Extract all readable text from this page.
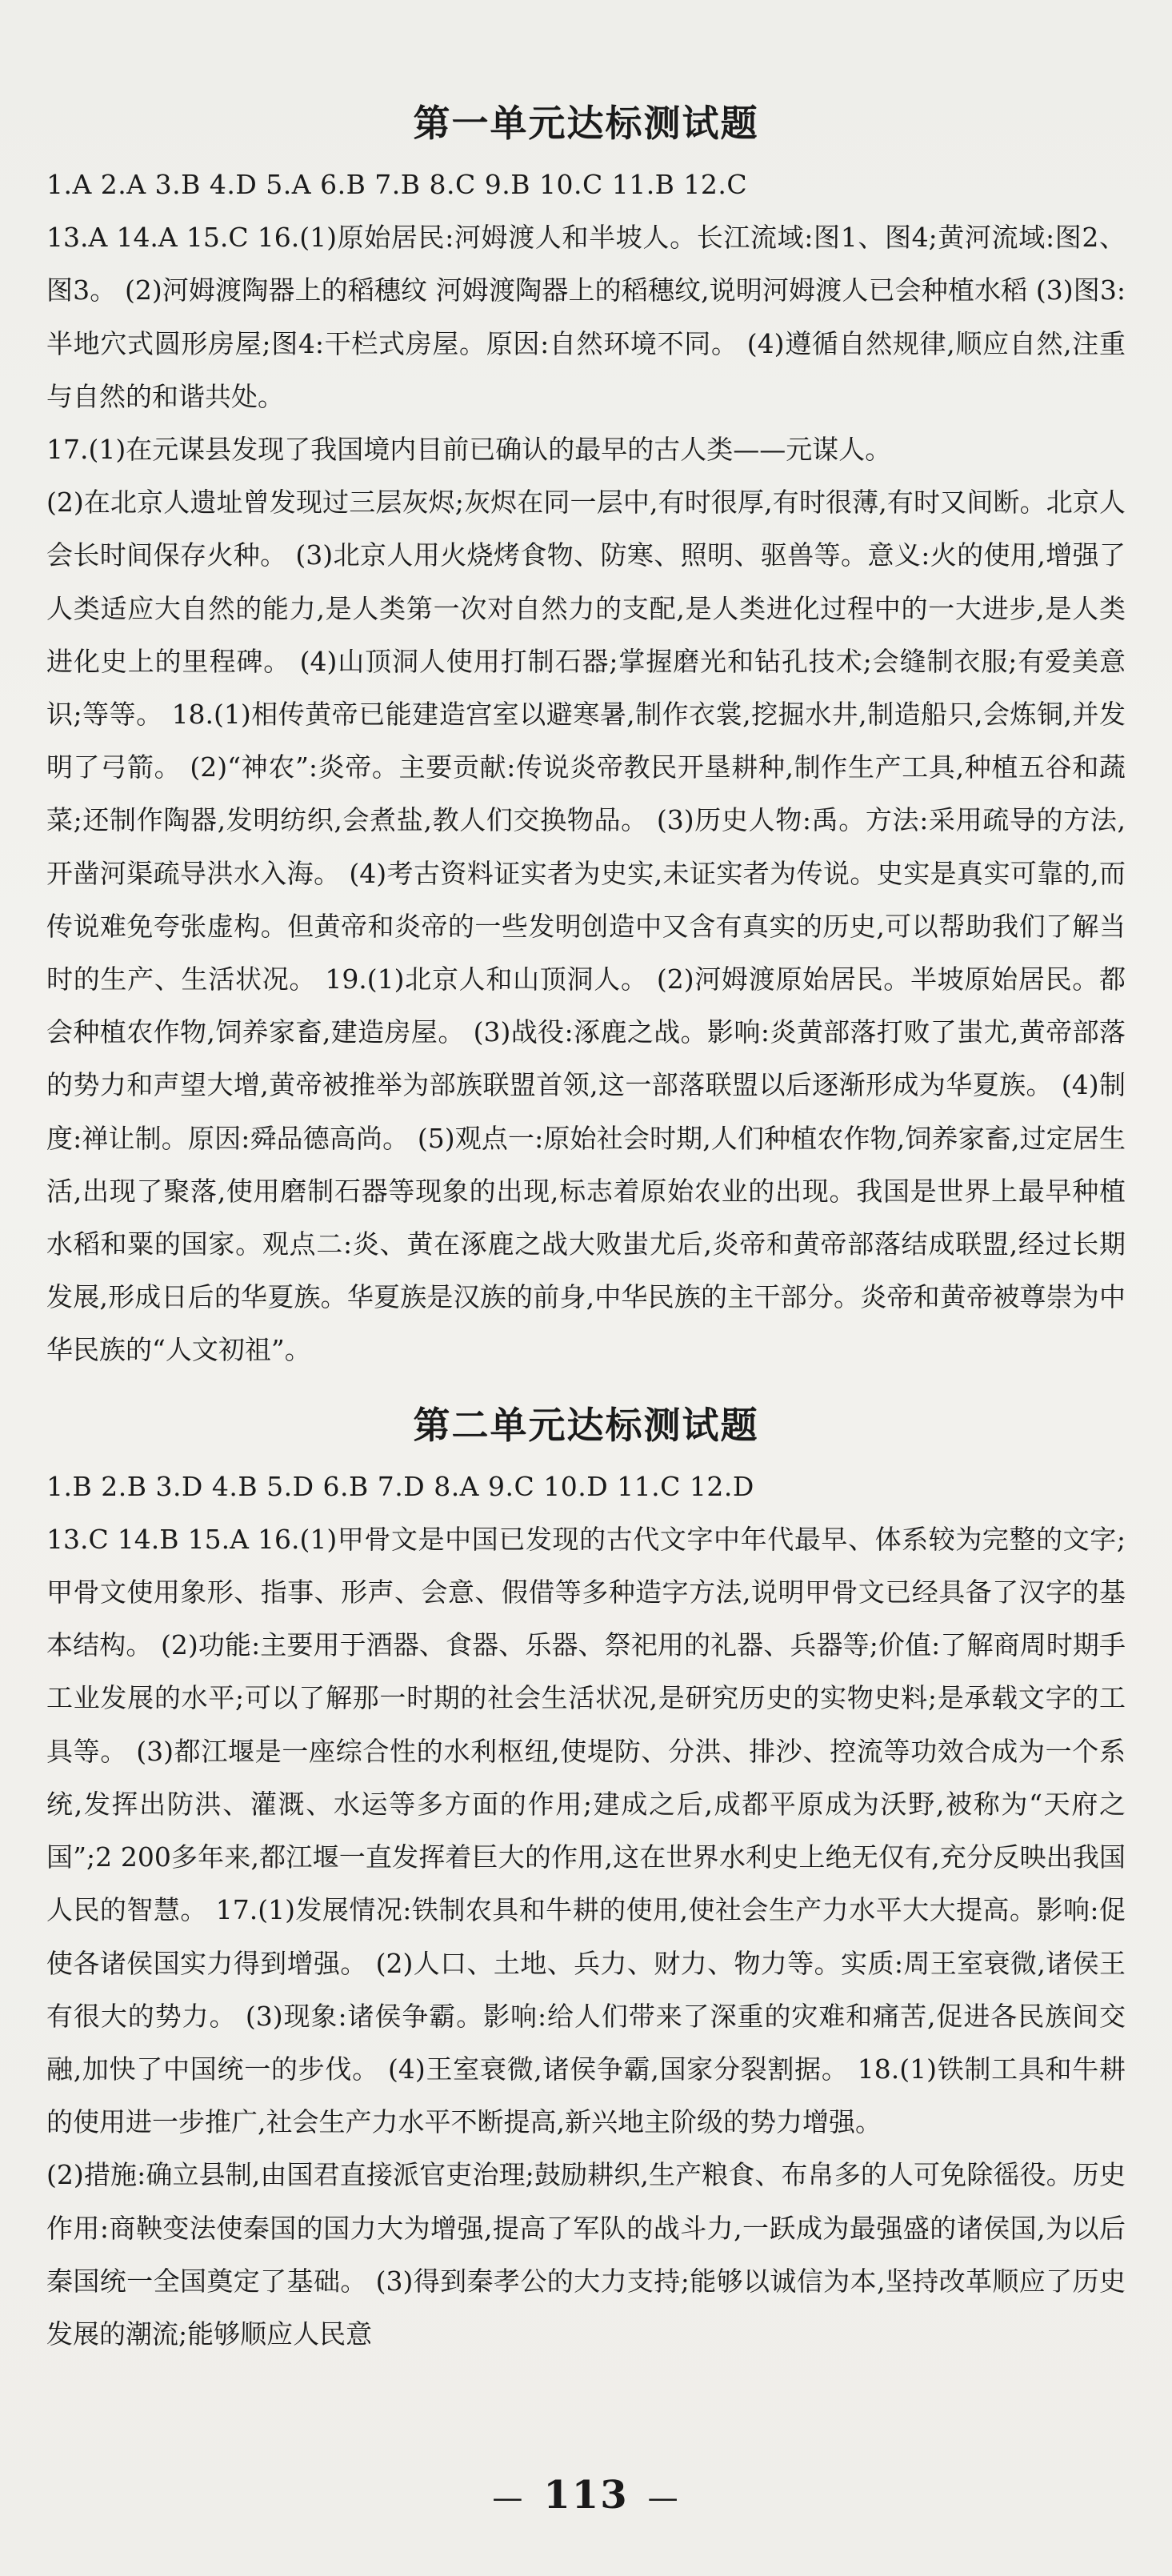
第一单元达标测试题
1.A 2.A 3.B 4.D 5.A 6.B 7.B 8.C 9.B 10.C 11.B 12.C
13.A 14.A 15.C 16.(1)原始居民:河姆渡人和半坡人。长江流域:图1、图4;黄河流域:图2、图3。 (2)河姆渡陶器上的稻穗纹 河姆渡陶器上的稻穗纹,说明河姆渡人已会种植水稻 (3)图3:半地穴式圆形房屋;图4:干栏式房屋。原因:自然环境不同。 (4)遵循自然规律,顺应自然,注重与自然的和谐共处。
17.(1)在元谋县发现了我国境内目前已确认的最早的古人类——元谋人。
(2)在北京人遗址曾发现过三层灰烬;灰烬在同一层中,有时很厚,有时很薄,有时又间断。北京人会长时间保存火种。 (3)北京人用火烧烤食物、防寒、照明、驱兽等。意义:火的使用,增强了人类适应大自然的能力,是人类第一次对自然力的支配,是人类进化过程中的一大进步,是人类进化史上的里程碑。 (4)山顶洞人使用打制石器;掌握磨光和钻孔技术;会缝制衣服;有爱美意识;等等。 18.(1)相传黄帝已能建造宫室以避寒暑,制作衣裳,挖掘水井,制造船只,会炼铜,并发明了弓箭。 (2)“神农”:炎帝。主要贡献:传说炎帝教民开垦耕种,制作生产工具,种植五谷和蔬菜;还制作陶器,发明纺织,会煮盐,教人们交换物品。 (3)历史人物:禹。方法:采用疏导的方法,开凿河渠疏导洪水入海。 (4)考古资料证实者为史实,未证实者为传说。史实是真实可靠的,而传说难免夸张虚构。但黄帝和炎帝的一些发明创造中又含有真实的历史,可以帮助我们了解当时的生产、生活状况。 19.(1)北京人和山顶洞人。 (2)河姆渡原始居民。半坡原始居民。都会种植农作物,饲养家畜,建造房屋。 (3)战役:涿鹿之战。影响:炎黄部落打败了蚩尤,黄帝部落的势力和声望大增,黄帝被推举为部族联盟首领,这一部落联盟以后逐渐形成为华夏族。 (4)制度:禅让制。原因:舜品德高尚。 (5)观点一:原始社会时期,人们种植农作物,饲养家畜,过定居生活,出现了聚落,使用磨制石器等现象的出现,标志着原始农业的出现。我国是世界上最早种植水稻和粟的国家。观点二:炎、黄在涿鹿之战大败蚩尤后,炎帝和黄帝部落结成联盟,经过长期发展,形成日后的华夏族。华夏族是汉族的前身,中华民族的主干部分。炎帝和黄帝被尊崇为中华民族的“人文初祖”。
第二单元达标测试题
1.B 2.B 3.D 4.B 5.D 6.B 7.D 8.A 9.C 10.D 11.C 12.D
13.C 14.B 15.A 16.(1)甲骨文是中国已发现的古代文字中年代最早、体系较为完整的文字;甲骨文使用象形、指事、形声、会意、假借等多种造字方法,说明甲骨文已经具备了汉字的基本结构。 (2)功能:主要用于酒器、食器、乐器、祭祀用的礼器、兵器等;价值:了解商周时期手工业发展的水平;可以了解那一时期的社会生活状况,是研究历史的实物史料;是承载文字的工具等。 (3)都江堰是一座综合性的水利枢纽,使堤防、分洪、排沙、控流等功效合成为一个系统,发挥出防洪、灌溉、水运等多方面的作用;建成之后,成都平原成为沃野,被称为“天府之国”;2 200多年来,都江堰一直发挥着巨大的作用,这在世界水利史上绝无仅有,充分反映出我国人民的智慧。 17.(1)发展情况:铁制农具和牛耕的使用,使社会生产力水平大大提高。影响:促使各诸侯国实力得到增强。 (2)人口、土地、兵力、财力、物力等。实质:周王室衰微,诸侯王有很大的势力。 (3)现象:诸侯争霸。影响:给人们带来了深重的灾难和痛苦,促进各民族间交融,加快了中国统一的步伐。 (4)王室衰微,诸侯争霸,国家分裂割据。 18.(1)铁制工具和牛耕的使用进一步推广,社会生产力水平不断提高,新兴地主阶级的势力增强。
(2)措施:确立县制,由国君直接派官吏治理;鼓励耕织,生产粮食、布帛多的人可免除徭役。历史作用:商鞅变法使秦国的国力大为增强,提高了军队的战斗力,一跃成为最强盛的诸侯国,为以后秦国统一全国奠定了基础。 (3)得到秦孝公的大力支持;能够以诚信为本,坚持改革顺应了历史发展的潮流;能够顺应人民意
— 113 —
